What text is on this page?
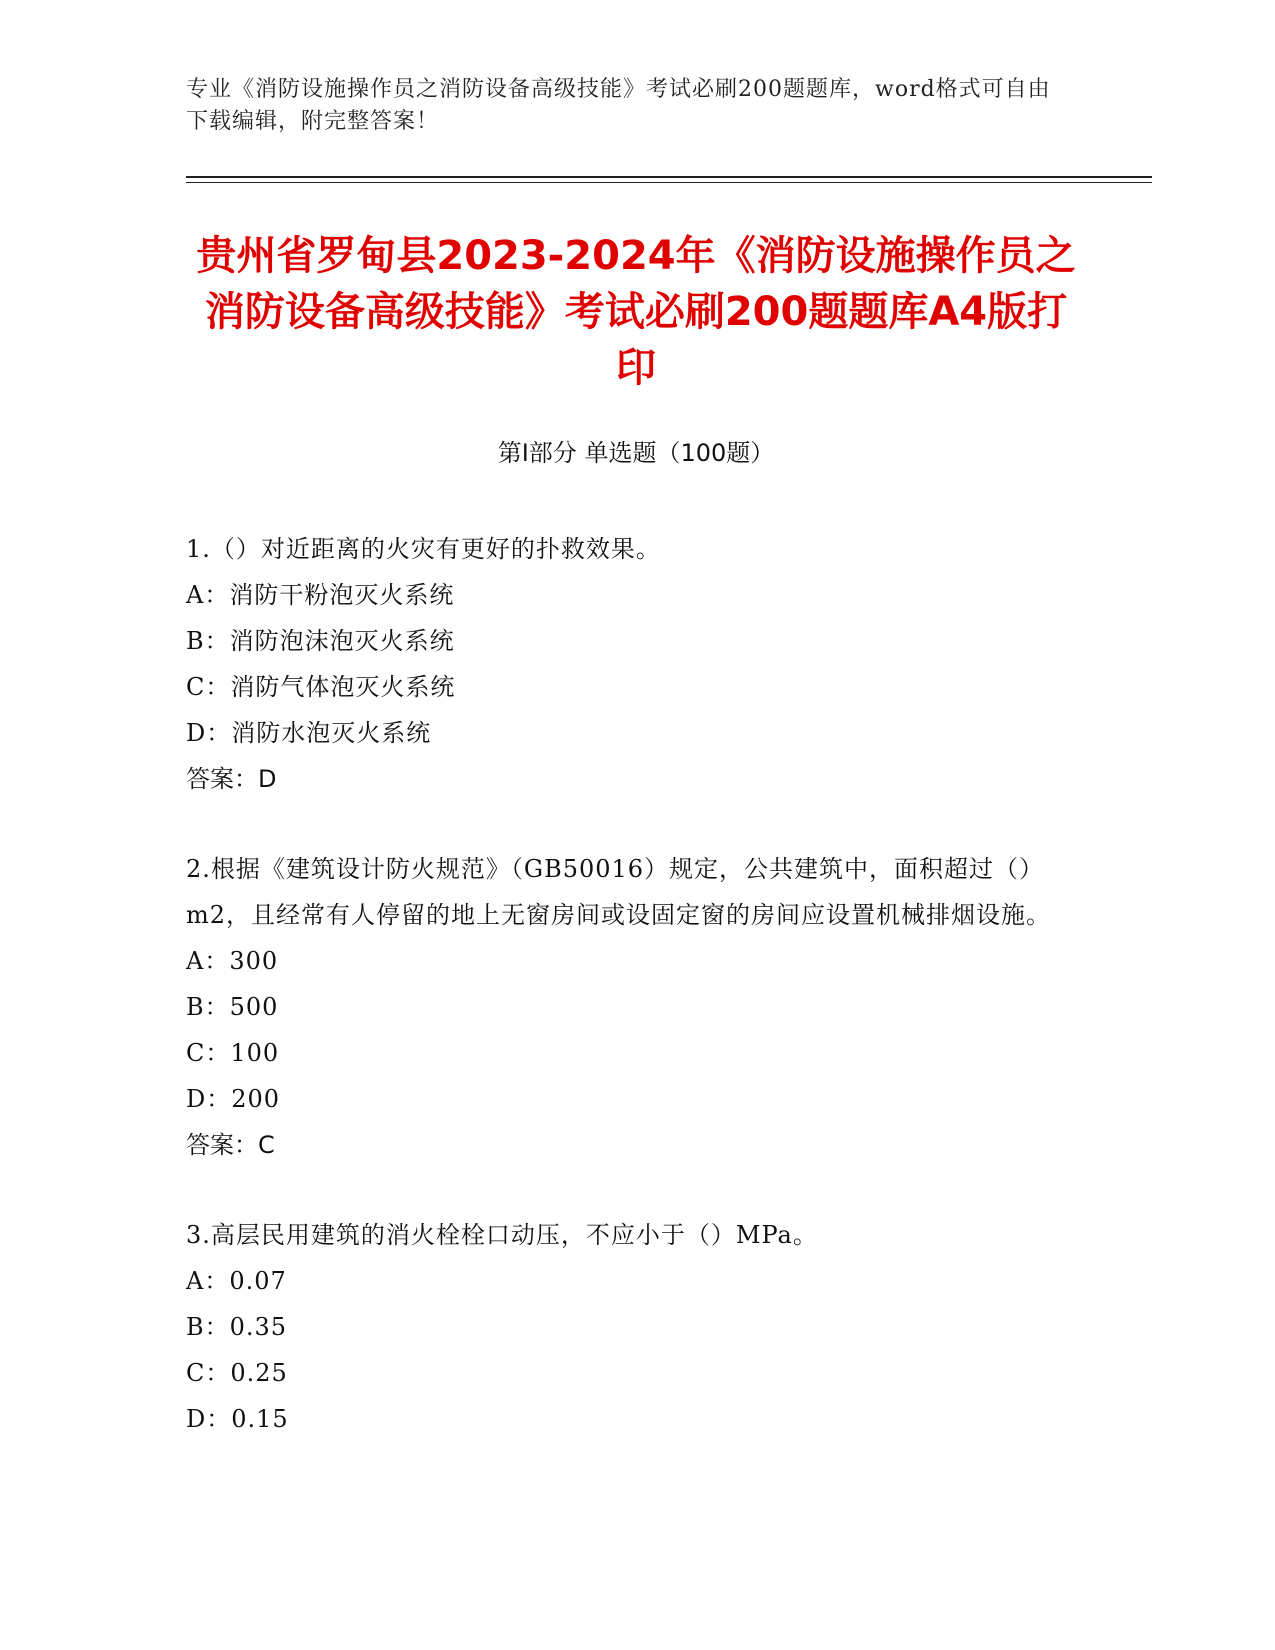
专业《消防设施操作员之消防设备高级技能》考试必刷200题题库，word格式可自由下载编辑，附完整答案！
贵州省罗甸县2023-2024年《消防设施操作员之消防设备高级技能》考试必刷200题题库A4版打印
第Ⅰ部分 单选题（100题）

1.（）对近距离的火灾有更好的扑救效果。

A：消防干粉泡灭火系统

B：消防泡沫泡灭火系统

C：消防气体泡灭火系统

D：消防水泡灭火系统

答案：D

2.根据《建筑设计防火规范》（GB50016）规定，公共建筑中，面积超过（）m2，且经常有人停留的地上无窗房间或设固定窗的房间应设置机械排烟设施。

A：300

B：500

C：100

D：200

答案：C

3.高层民用建筑的消火栓栓口动压，不应小于（）MPa。

A：0.07

B：0.35

C：0.25

D：0.15
